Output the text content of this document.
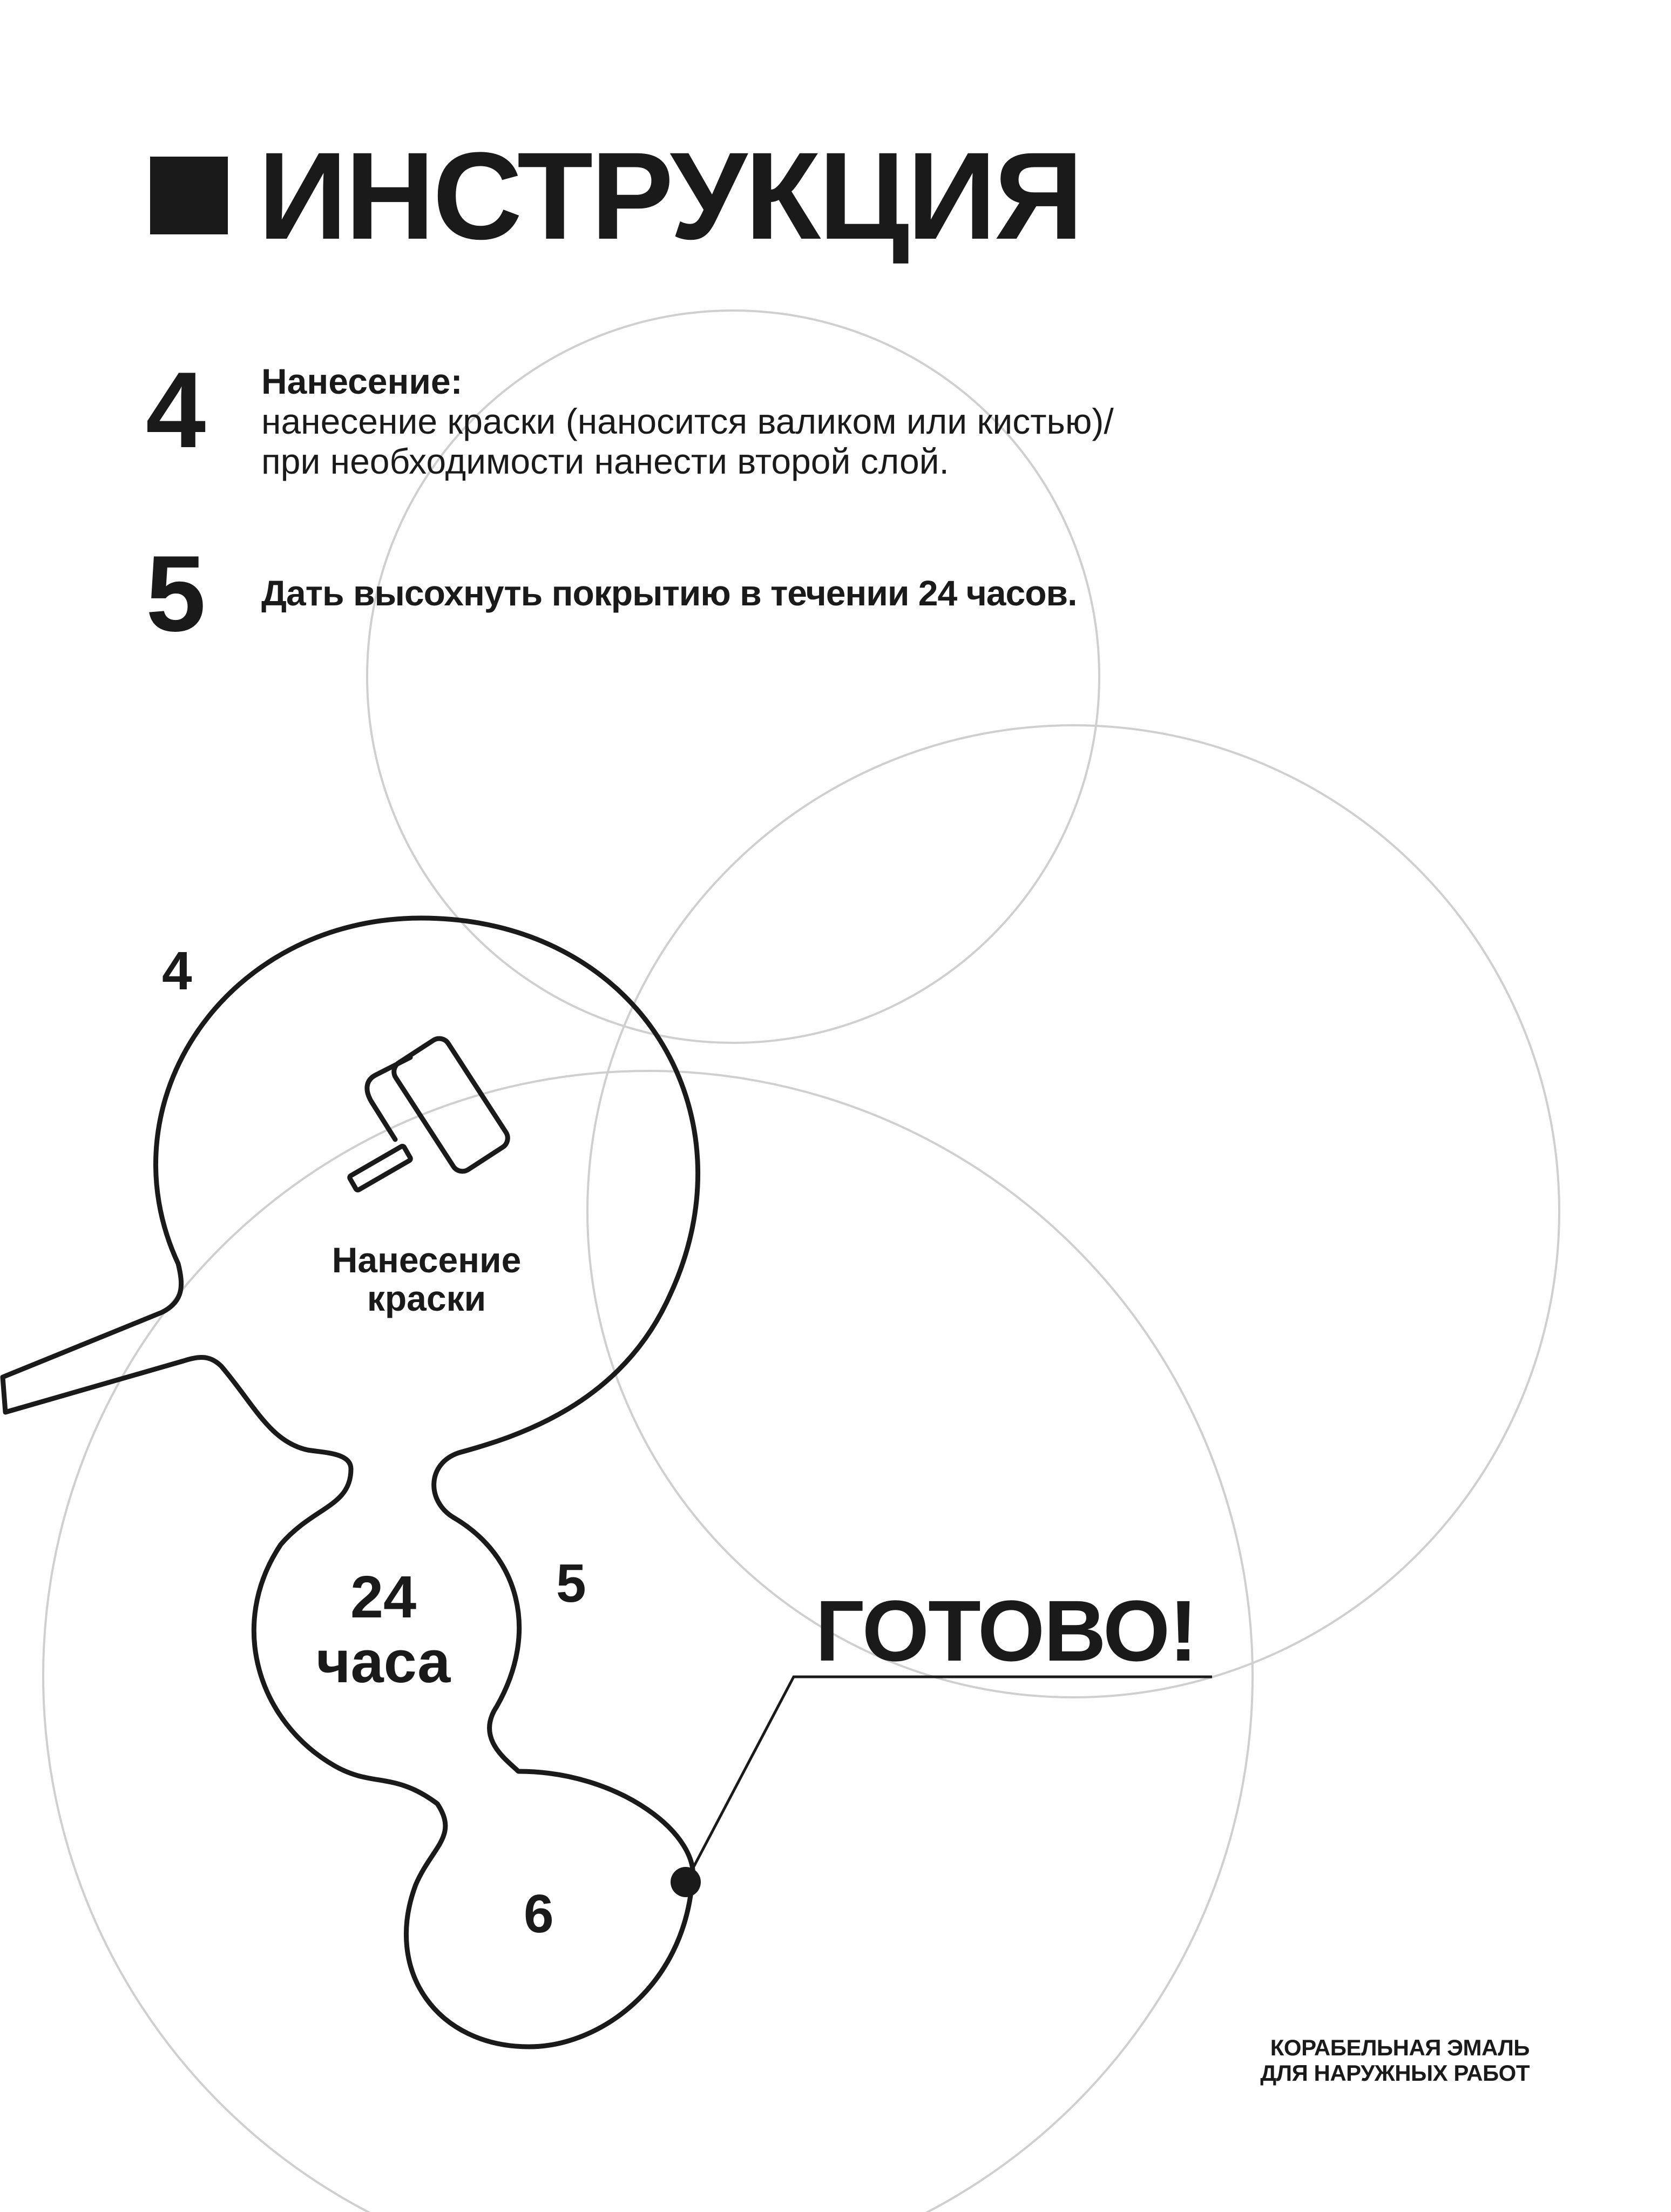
ИНСТРУКЦИЯ
4 Нанесение:
нанесение краски (наносится валиком или кистью)/
при необходимости нанести второй слой.
5 Дать высохнуть покрытию в течении 24 часов.
4
Нанесение
краски
24
часа
5
6
ГОТОВО!
КОРАБЕЛЬНАЯ ЭМАЛЬ
ДЛЯ НАРУЖНЫХ РАБОТ
